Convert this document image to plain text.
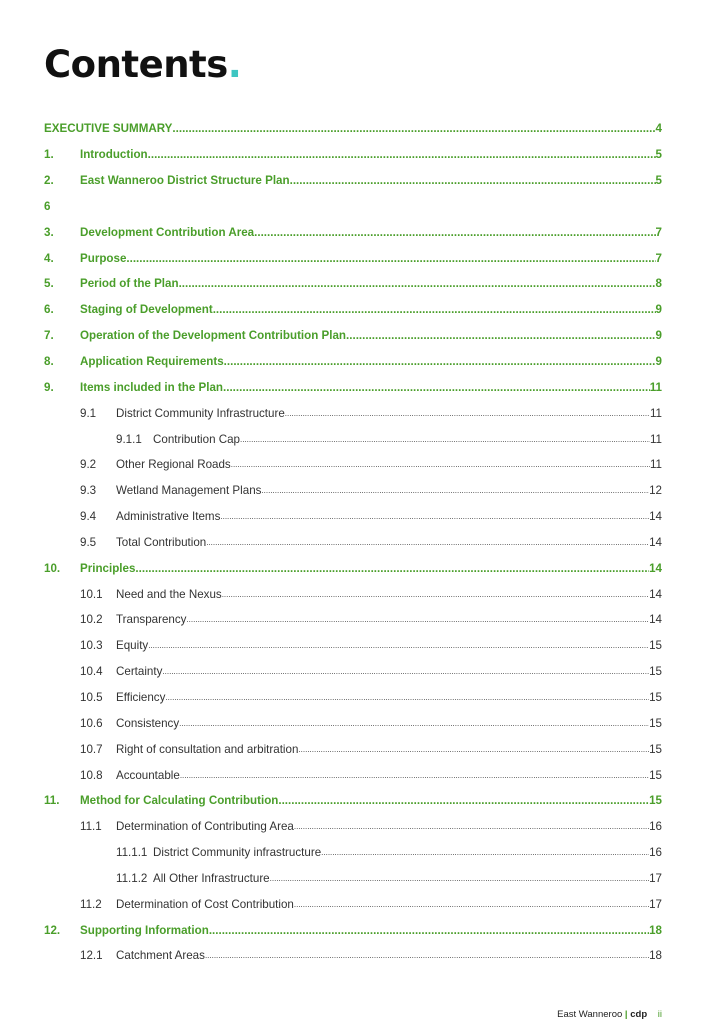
Contents.
EXECUTIVE SUMMARY .....	4
1. Introduction .....	5
2. East Wanneroo District Structure Plan .....	5
6
3. Development Contribution Area .....	7
4. Purpose .....	7
5. Period of the Plan .....	8
6. Staging of Development .....	9
7. Operation of the Development Contribution Plan .....	9
8. Application Requirements .....	9
9. Items included in the Plan .....	11
9.1 District Community Infrastructure .....	11
9.1.1 Contribution Cap .....	11
9.2 Other Regional Roads .....	11
9.3 Wetland Management Plans .....	12
9.4 Administrative Items .....	14
9.5 Total Contribution .....	14
10. Principles .....	14
10.1 Need and the Nexus .....	14
10.2 Transparency .....	14
10.3 Equity .....	15
10.4 Certainty .....	15
10.5 Efficiency .....	15
10.6 Consistency .....	15
10.7 Right of consultation and arbitration .....	15
10.8 Accountable .....	15
11. Method for Calculating Contribution .....	15
11.1 Determination of Contributing Area .....	16
11.1.1 District Community infrastructure .....	16
11.1.2 All Other Infrastructure .....	17
11.2 Determination of Cost Contribution .....	17
12. Supporting Information .....	18
12.1 Catchment Areas .....	18
East Wanneroo | cdp ii
